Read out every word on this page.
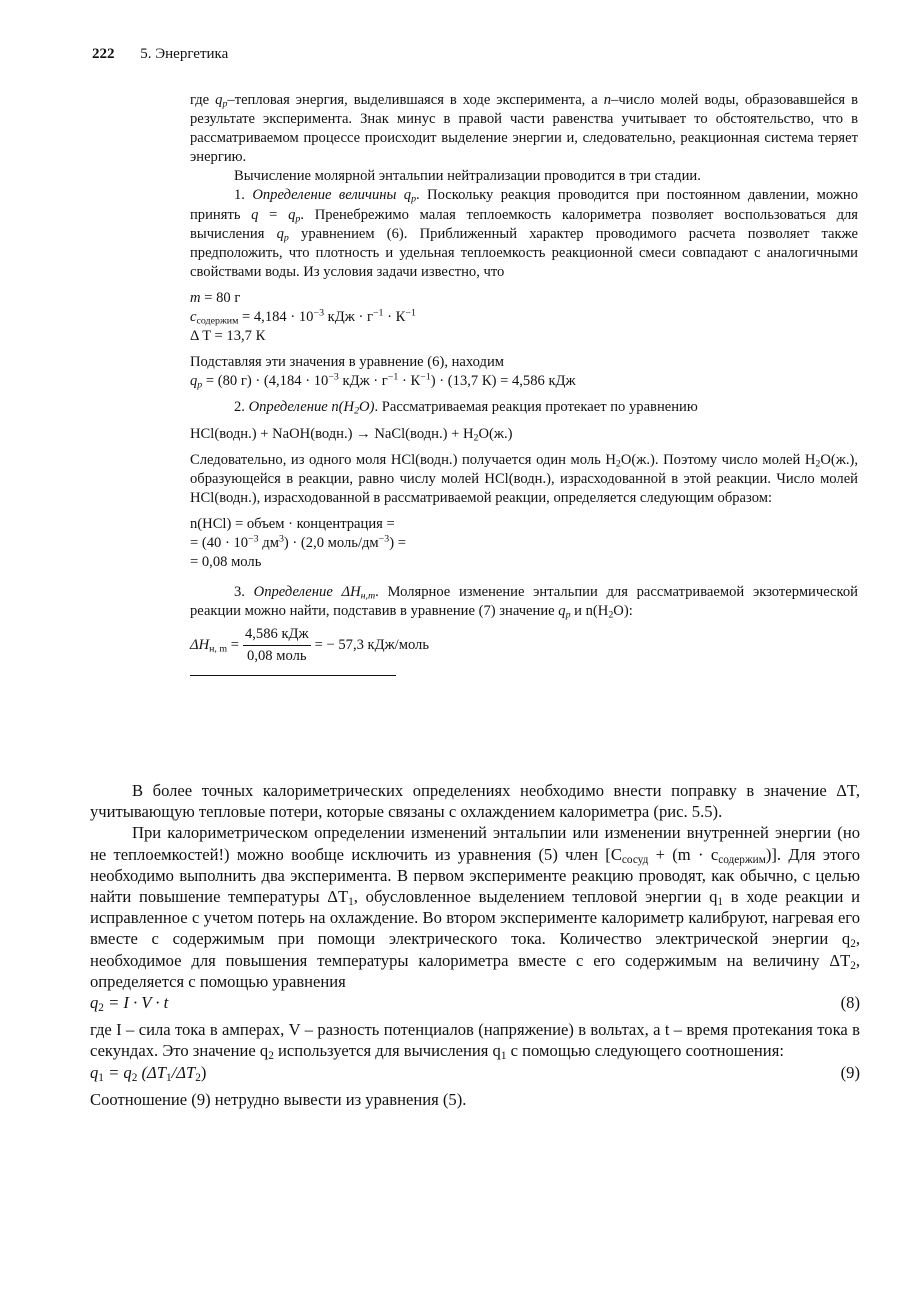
222 5. Энергетика

где $q_p$–тепловая энергия, выделившаяся в ходе эксперимента, а n–число молей воды, образовавшейся в результате эксперимента. Знак минус в правой части равенства учитывает то обстоятельство, что в рассматриваемом процессе происходит выделение энергии и, следовательно, реакционная система теряет энергию.

Вычисление молярной энтальпии нейтрализации проводится в три стадии.

1. Определение величины $q_p$. Поскольку реакция проводится при постоянном давлении, можно принять $q = q_p$. Пренебрежимо малая теплоемкость калориметра позволяет воспользоваться для вычисления $q_p$ уравнением (6). Приближенный характер проводимого расчета позволяет также предположить, что плотность и удельная теплоемкость реакционной смеси совпадают с аналогичными свойствами воды. Из условия задачи известно, что

m = 80 г
$c_{содержим} = 4,184 \cdot 10^{-3}$ кДж · $г^{-1} \cdot К^{-1}$
Δ T = 13,7 К
Подставляя эти значения в уравнение (6), находим
$q_p = (80$ $г) \cdot (4,184 \cdot 10^{-3}$ кДж · $г^{-1} \cdot К^{-1}) \cdot (13,7$ К) = 4,586 кДж

2. Определение $n(H_2O)$. Рассматриваемая реакция протекает по уравнению

HCl(водн.) + NaOH(водн.) → NaCl(водн.) + $H_2O(ж.)$

Следовательно, из одного моля HCl(водн.) получается один моль $H_2O(ж.)$. Поэтому число молей $H_2O(ж.)$, образующейся в реакции, равно числу молей HCl(водн.), израсходованной в этой реакции. Число молей HCl(водн.), израсходованной в рассматриваемой реакции, определяется следующим образом:

n(HCl) = объем · концентрация =
= ($40 \cdot 10^{-3}$ $дм^3) \cdot (2,0$ моль/$дм^{-3}$) =
= 0,08 моль

3. Определение $\Delta H_{н,m}$. Молярное изменение энтальпии для рассматриваемой экзотермической реакции можно найти, подставив в уравнение (7) значение $q_p$ и $n(H_2O)$:

$\Delta H_{н, m} = \frac{\text{4,586 кДж}}{\text{0,08 моль}}$ = − 57,3 кДж/моль

В более точных калориметрических определениях необходимо внести поправку в значение ΔT, учитывающую тепловые потери, которые связаны с охлаждением калориметра (рис. 5.5).

При калориметрическом определении изменений энтальпии или изменении внутренней энергии (но не теплоемкостей!) можно вообще исключить из уравнения (5) член $[C_{сосуд} + (m \cdot c_{содержим})]$. Для этого необходимо выполнить два эксперимента. В первом эксперименте реакцию проводят, как обычно, с целью найти повышение температуры $\Delta T_1$, обусловленное выделением тепловой энергии $q_1$ в ходе реакции и исправленное с учетом потерь на охлаждение. Во втором эксперименте калориметр калибруют, нагревая его вместе с содержимым при помощи электрического тока. Количество электрической энергии $q_2$, необходимое для повышения температуры калориметра вместе с его содержимым на величину $\Delta T_2$, определяется с помощью уравнения

$q_2 = I \cdot V \cdot t$	(8)

где I – сила тока в амперах, V – разность потенциалов (напряжение) в вольтах, а t – время протекания тока в секундах. Это значение $q_2$ используется для вычисления $q_1$ с помощью следующего соотношения:

$q_1 = q_2$ $(\Delta T_1/\Delta T_2)$	(9)

Соотношение (9) нетрудно вывести из уравнения (5).
